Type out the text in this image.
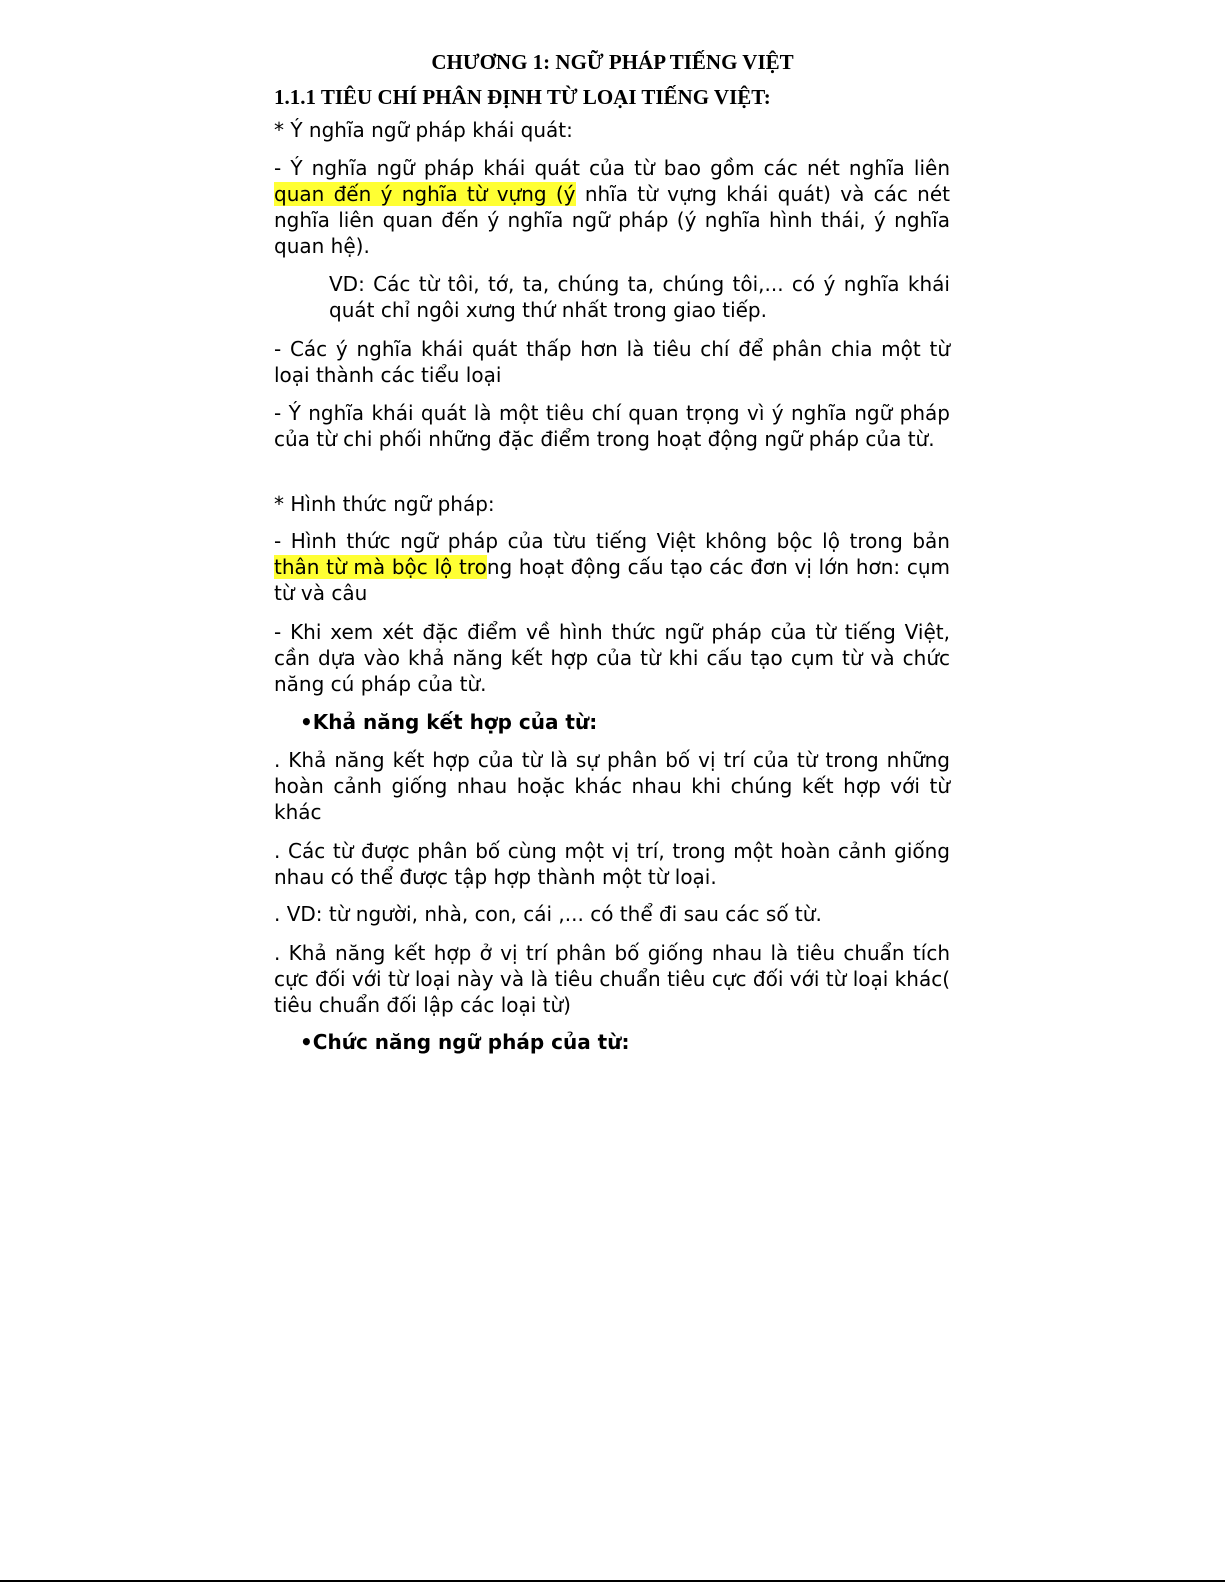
CHƯƠNG 1: NGỮ PHÁP TIẾNG VIỆT
1.1.1 TIÊU CHÍ PHÂN ĐỊNH TỪ LOẠI TIẾNG VIỆT:

* Ý nghĩa ngữ pháp khái quát:

- Ý nghĩa ngữ pháp khái quát của từ bao gồm các nét nghĩa liên quan đến ý nghĩa từ vựng (ý nhĩa từ vựng khái quát) và các nét nghĩa liên quan đến ý nghĩa ngữ pháp (ý nghĩa hình thái, ý nghĩa quan hệ).

VD: Các từ tôi, tớ, ta, chúng ta, chúng tôi,... có ý nghĩa khái quát chỉ ngôi xưng thứ nhất trong giao tiếp.

- Các ý nghĩa khái quát thấp hơn là tiêu chí để phân chia một từ loại thành các tiểu loại

- Ý nghĩa khái quát là một tiêu chí quan trọng vì ý nghĩa ngữ pháp của từ chi phối những đặc điểm trong hoạt động ngữ pháp của từ.

* Hình thức ngữ pháp:

- Hình thức ngữ pháp của từu tiếng Việt không bộc lộ trong bản thân từ mà bộc lộ trong hoạt động cấu tạo các đơn vị lớn hơn: cụm từ và câu

- Khi xem xét đặc điểm về hình thức ngữ pháp của từ tiếng Việt, cần dựa vào khả năng kết hợp của từ khi cấu tạo cụm từ và chức năng cú pháp của từ.

•Khả năng kết hợp của từ:

. Khả năng kết hợp của từ là sự phân bố vị trí của từ trong những hoàn cảnh giống nhau hoặc khác nhau khi chúng kết hợp với từ khác

. Các từ được phân bố cùng một vị trí, trong một hoàn cảnh giống nhau có thể được tập hợp thành một từ loại.

. VD: từ người, nhà, con, cái ,... có thể đi sau các số từ.

. Khả năng kết hợp ở vị trí phân bố giống nhau là tiêu chuẩn tích cực đối với từ loại này và là tiêu chuẩn tiêu cực đối với từ loại khác( tiêu chuẩn đối lập các loại từ)

•Chức năng ngữ pháp của từ:
